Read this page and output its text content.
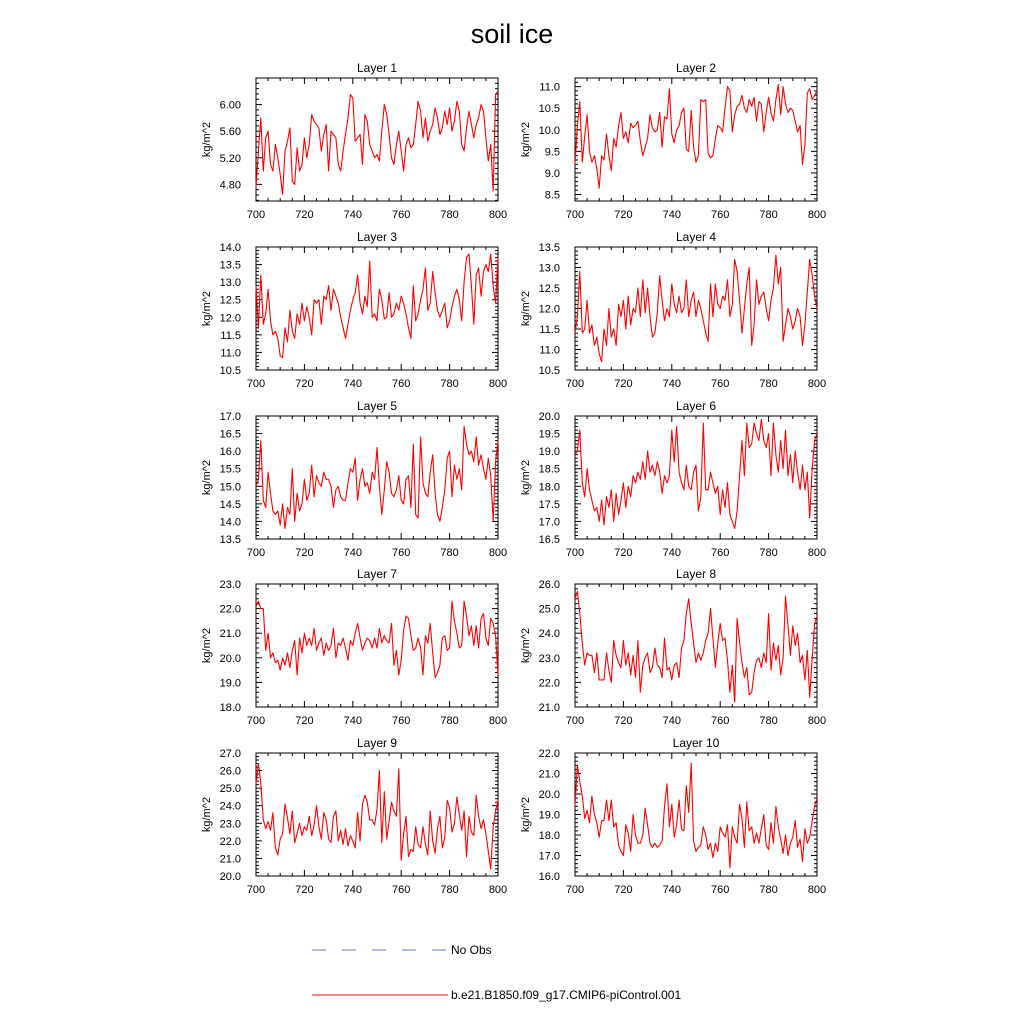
soil ice
Layer 1
kg/m^2
700	720	740	760	780	800
4.80
5.20
5.60
6.00
Layer 2
kg/m^2
700	720	740	760	780	800
8.5
9.0
9.5
10.0
10.5
11.0
Layer 3
kg/m^2
700	720	740	760	780	800
10.5
11.0
11.5
12.0
12.5
13.0
13.5
14.0
Layer 4
kg/m^2
700	720	740	760	780	800
10.5
11.0
11.5
12.0
12.5
13.0
13.5
Layer 5
kg/m^2
700	720	740	760	780	800
13.5
14.0
14.5
15.0
15.5
16.0
16.5
17.0
Layer 6
kg/m^2
700	720	740	760	780	800
16.5
17.0
17.5
18.0
18.5
19.0
19.5
20.0
Layer 7
kg/m^2
700	720	740	760	780	800
18.0
19.0
20.0
21.0
22.0
23.0
Layer 8
kg/m^2
700	720	740	760	780	800
21.0
22.0
23.0
24.0
25.0
26.0
Layer 9
kg/m^2
700	720	740	760	780	800
20.0
21.0
22.0
23.0
24.0
25.0
26.0
27.0
Layer 10
kg/m^2
700	720	740	760	780	800
16.0
17.0
18.0
19.0
20.0
21.0
22.0
No Obs
b.e21.B1850.f09_g17.CMIP6-piControl.001
